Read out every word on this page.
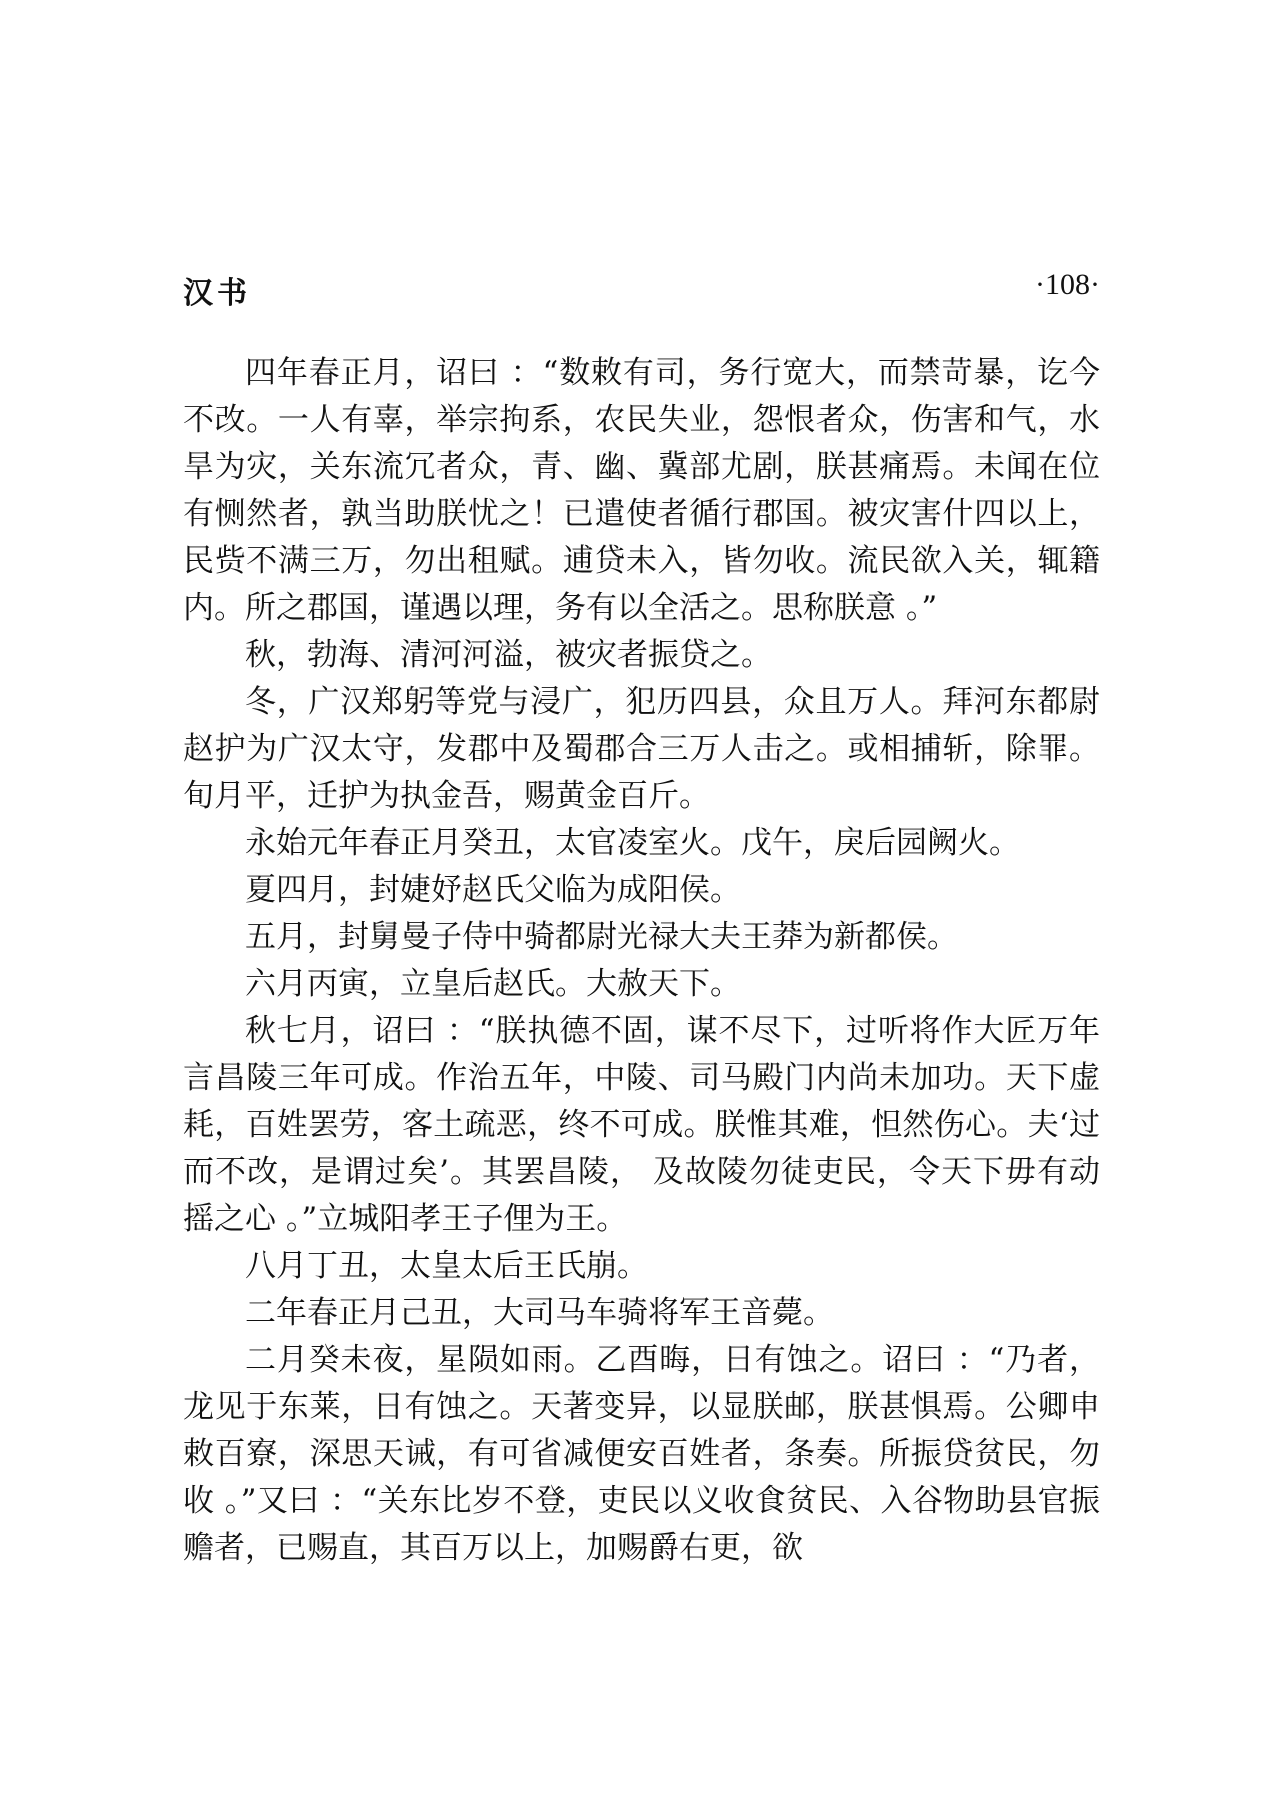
汉书	·108·

四年春正月，诏曰 ：“数敕有司，务行宽大，而禁苛暴，讫今不改。一人有辜，举宗拘系，农民失业，怨恨者众，伤害和气，水旱为灾，关东流冗者众，青、幽、冀部尤剧，朕甚痛焉。未闻在位有恻然者，孰当助朕忧之！已遣使者循行郡国。被灾害什四以上，民赀不满三万，勿出租赋。逋贷未入，皆勿收。流民欲入关，辄籍内。所之郡国，谨遇以理，务有以全活之。思称朕意 。”

秋，勃海、清河河溢，被灾者振贷之。

冬，广汉郑躬等党与浸广，犯历四县，众且万人。拜河东都尉赵护为广汉太守，发郡中及蜀郡合三万人击之。或相捕斩，除罪。旬月平，迁护为执金吾，赐黄金百斤。

永始元年春正月癸丑，太官凌室火。戊午，戾后园阙火。

夏四月，封婕妤赵氏父临为成阳侯。

五月，封舅曼子侍中骑都尉光禄大夫王莽为新都侯。

六月丙寅，立皇后赵氏。大赦天下。

秋七月，诏曰 ：“朕执德不固，谋不尽下，过听将作大匠万年言昌陵三年可成。作治五年，中陵、司马殿门内尚未加功。天下虚耗，百姓罢劳，客土疏恶，终不可成。朕惟其难，怛然伤心。夫‘过而不改，是谓过矣’。其罢昌陵， 及故陵勿徒吏民，令天下毋有动摇之心 。”立城阳孝王子俚为王。

八月丁丑，太皇太后王氏崩。

二年春正月己丑，大司马车骑将军王音薨。

二月癸未夜，星陨如雨。乙酉晦，日有蚀之。诏曰 ：“乃者，龙见于东莱，日有蚀之。天著变异，以显朕邮，朕甚惧焉。公卿申敕百寮，深思天诫，有可省减便安百姓者，条奏。所振贷贫民，勿收 。”又曰 ：“关东比岁不登，吏民以义收食贫民、入谷物助县官振赡者，已赐直，其百万以上，加赐爵右更，欲
